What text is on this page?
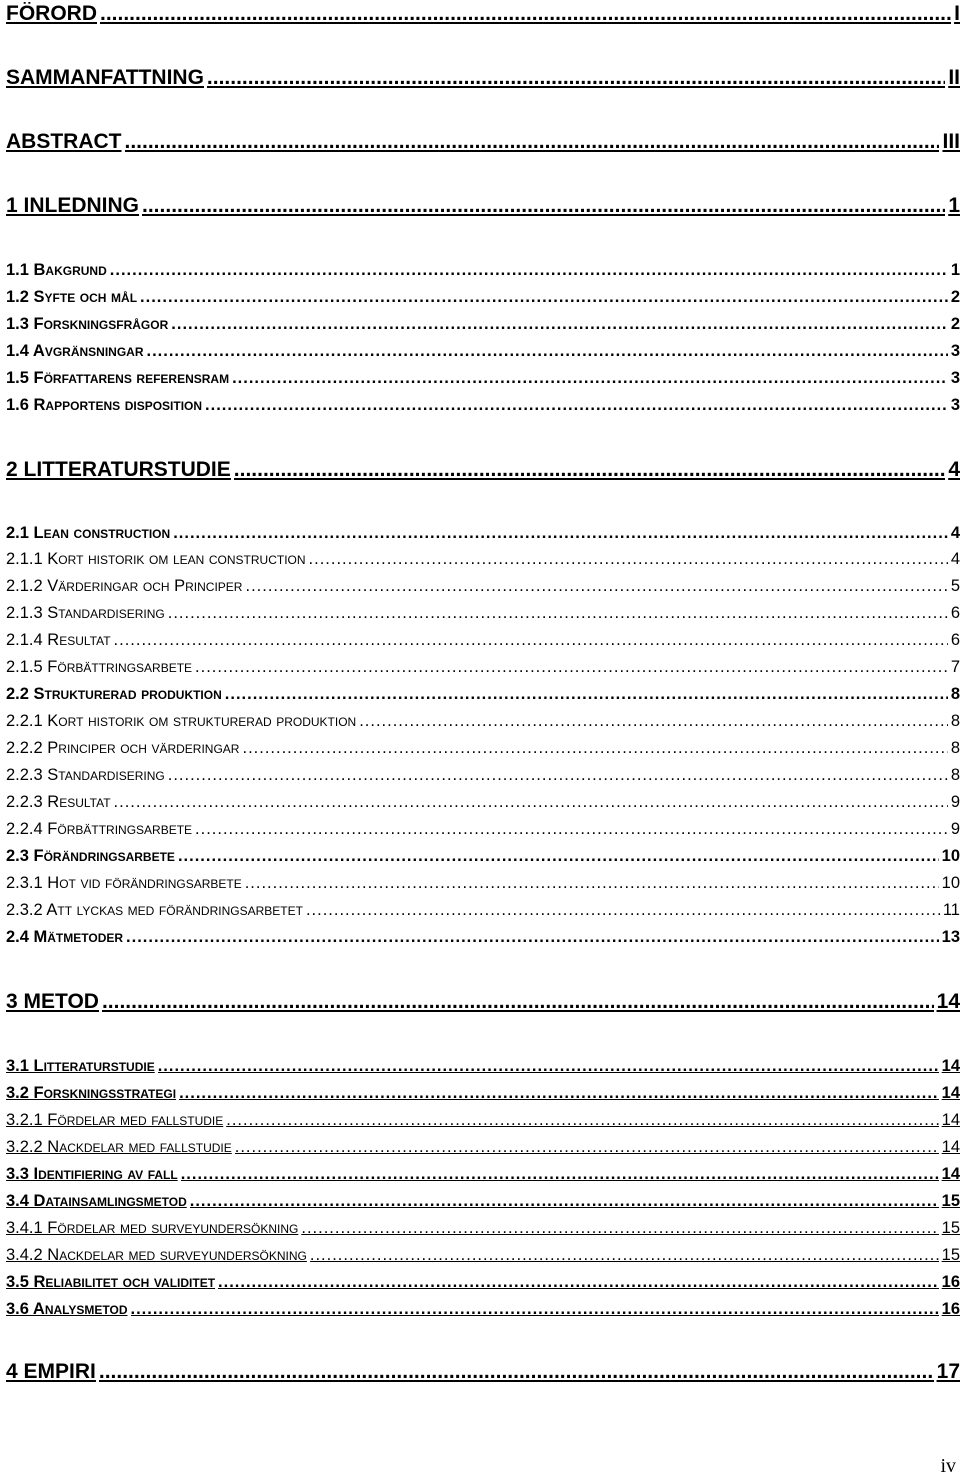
FÖRORD .....	I
SAMMANFATTNING .....	II
ABSTRACT .....	III
1 INLEDNING .....	1
1.1 Bakgrund .....	1
1.2 Syfte och mål .....	2
1.3 Forskningsfrågor .....	2
1.4 Avgränsningar .....	3
1.5 Författarens referensram .....	3
1.6 Rapportens disposition .....	3
2 LITTERATURSTUDIE .....	4
2.1 Lean construction .....	4
2.1.1 Kort historik om lean construction .....	4
2.1.2 Värderingar och Principer .....	5
2.1.3 Standardisering .....	6
2.1.4 Resultat .....	6
2.1.5 Förbättringsarbete .....	7
2.2 Strukturerad produktion .....	8
2.2.1 Kort historik om strukturerad produktion .....	8
2.2.2 Principer och värderingar .....	8
2.2.3 Standardisering .....	8
2.2.3 Resultat .....	9
2.2.4 Förbättringsarbete .....	9
2.3 Förändringsarbete .....	10
2.3.1 Hot vid förändringsarbete .....	10
2.3.2 Att lyckas med förändringsarbetet .....	11
2.4 Mätmetoder .....	13
3 METOD .....	14
3.1 Litteraturstudie .....	14
3.2 Forskningsstrategi .....	14
3.2.1 Fördelar med fallstudie .....	14
3.2.2 Nackdelar med fallstudie .....	14
3.3 Identifiering av fall .....	14
3.4 Datainsamlingsmetod .....	15
3.4.1 Fördelar med surveyundersökning .....	15
3.4.2 Nackdelar med surveyundersökning .....	15
3.5 Reliabilitet och validitet .....	16
3.6 Analysmetod .....	16
4 EMPIRI .....	17
iv
